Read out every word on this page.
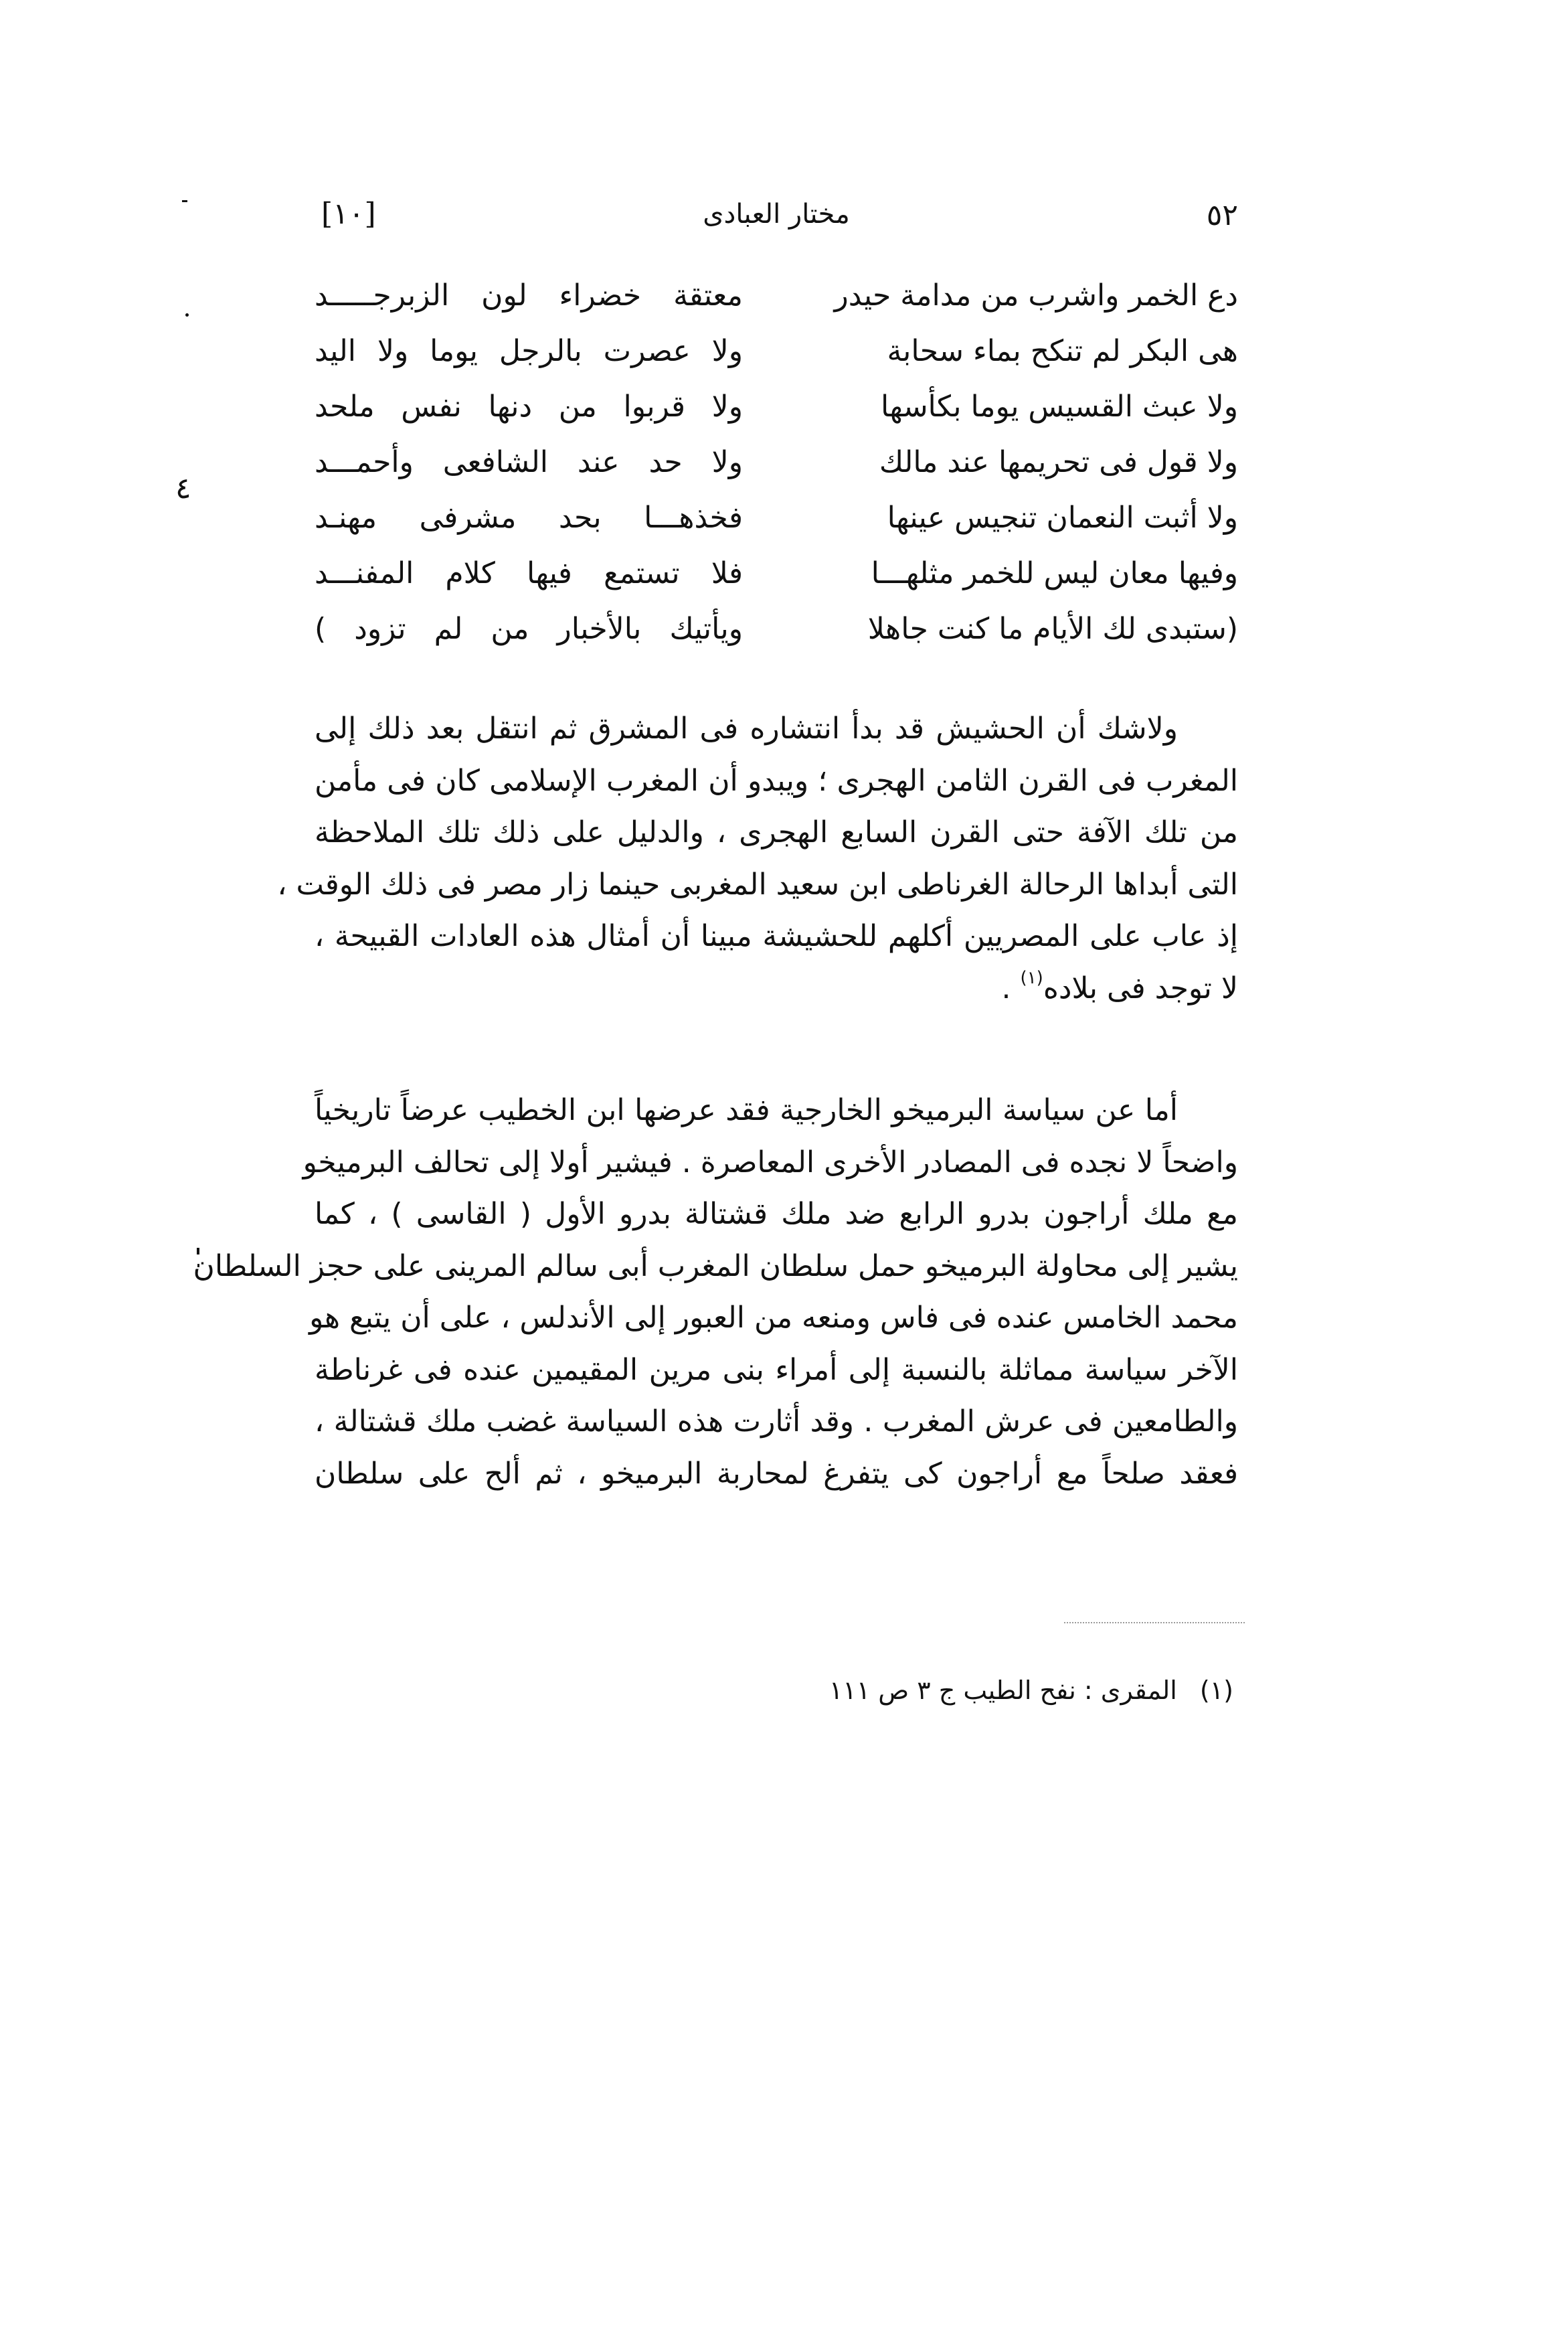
٥٢
مختار العبادى
[١٠]
٤
دع الخمر واشرب من مدامة حيدر
معتقة خضراء لون الزبرجـــــد
هى البكر لم تنكح بماء سحابة
ولا عصرت بالرجل يوما ولا اليد
ولا عبث القسيس يوما بكأسها
ولا قربوا من دنها نفس ملحد
ولا قول فى تحريمها عند مالك
ولا حد عند الشافعى وأحمـــد
ولا أثبت النعمان تنجيس عينها
فخذهـــا بحد مشرفى مهنـد
وفيها معان ليس للخمر مثلهـــا
فلا تستمع فيها كلام المفنـــد
(ستبدى لك الأيام ما كنت جاهلا
ويأتيك بالأخبار من لم تزود )
ولاشك أن الحشيش قد بدأ انتشاره فى المشرق ثم انتقل بعد ذلك إلى
المغرب فى القرن الثامن الهجرى ؛ ويبدو أن المغرب الإسلامى كان فى مأمن
من تلك الآفة حتى القرن السابع الهجرى ، والدليل على ذلك تلك الملاحظة
التى أبداها الرحالة الغرناطى ابن سعيد المغربى حينما زار مصر فى ذلك الوقت ،
إذ عاب على المصريين أكلهم للحشيشة مبينا أن أمثال هذه العادات القبيحة ،
لا توجد فى بلاده$^{(١)}$ .
أما عن سياسة البرميخو الخارجية فقد عرضها ابن الخطيب عرضاً تاريخياً
واضحاً لا نجده فى المصادر الأخرى المعاصرة . فيشير أولا إلى تحالف البرميخو
مع ملك أراجون بدرو الرابع ضد ملك قشتالة بدرو الأول ( القاسى ) ، كما
يشير إلى محاولة البرميخو حمل سلطان المغرب أبى سالم المرينى على حجز السلطان
محمد الخامس عنده فى فاس ومنعه من العبور إلى الأندلس ، على أن يتبع هو
الآخر سياسة مماثلة بالنسبة إلى أمراء بنى مرين المقيمين عنده فى غرناطة
والطامعين فى عرش المغرب . وقد أثارت هذه السياسة غضب ملك قشتالة ،
فعقد صلحاً مع أراجون كى يتفرغ لمحاربة البرميخو ، ثم ألح على سلطان
(١) المقرى : نفح الطيب ج ٣ ص ١١١
